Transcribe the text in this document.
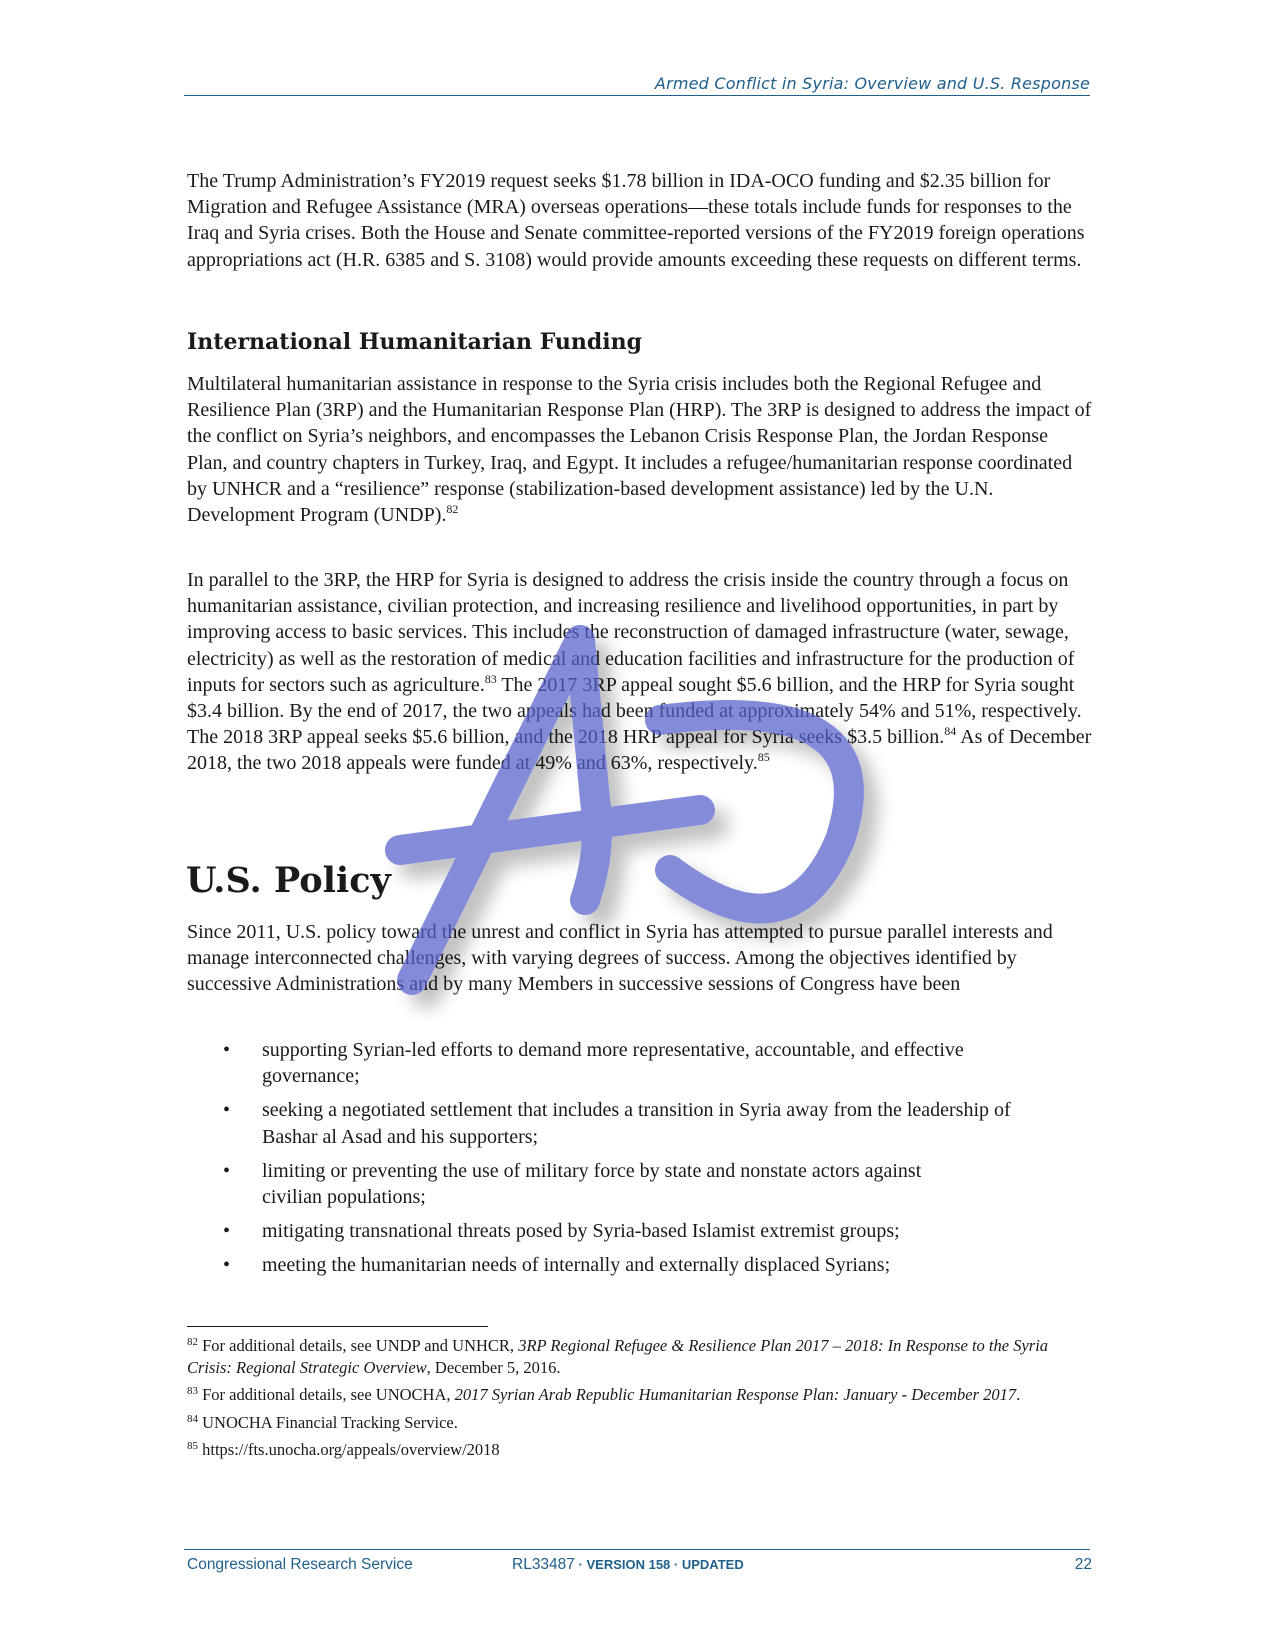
Armed Conflict in Syria: Overview and U.S. Response

The Trump Administration’s FY2019 request seeks $1.78 billion in IDA-OCO funding and $2.35 billion for Migration and Refugee Assistance (MRA) overseas operations—these totals include funds for responses to the Iraq and Syria crises. Both the House and Senate committee-reported versions of the FY2019 foreign operations appropriations act (H.R. 6385 and S. 3108) would provide amounts exceeding these requests on different terms.

International Humanitarian Funding

Multilateral humanitarian assistance in response to the Syria crisis includes both the Regional Refugee and Resilience Plan (3RP) and the Humanitarian Response Plan (HRP). The 3RP is designed to address the impact of the conflict on Syria’s neighbors, and encompasses the Lebanon Crisis Response Plan, the Jordan Response Plan, and country chapters in Turkey, Iraq, and Egypt. It includes a refugee/humanitarian response coordinated by UNHCR and a “resilience” response (stabilization-based development assistance) led by the U.N. Development Program (UNDP).$^{82}$

In parallel to the 3RP, the HRP for Syria is designed to address the crisis inside the country through a focus on humanitarian assistance, civilian protection, and increasing resilience and livelihood opportunities, in part by improving access to basic services. This includes the reconstruction of damaged infrastructure (water, sewage, electricity) as well as the restoration of medical and education facilities and infrastructure for the production of inputs for sectors such as agriculture.$^{83}$ The 2017 3RP appeal sought $5.6 billion, and the HRP for Syria sought $3.4 billion. By the end of 2017, the two appeals had been funded at approximately 54% and 51%, respectively. The 2018 3RP appeal seeks $5.6 billion, and the 2018 HRP appeal for Syria seeks $3.5 billion.$^{84}$ As of December 2018, the two 2018 appeals were funded at 49% and 63%, respectively.$^{85}$

U.S. Policy

Since 2011, U.S. policy toward the unrest and conflict in Syria has attempted to pursue parallel interests and manage interconnected challenges, with varying degrees of success. Among the objectives identified by successive Administrations and by many Members in successive sessions of Congress have been

• supporting Syrian-led efforts to demand more representative, accountable, and effective governance;
• seeking a negotiated settlement that includes a transition in Syria away from the leadership of Bashar al Asad and his supporters;
• limiting or preventing the use of military force by state and nonstate actors against civilian populations;
• mitigating transnational threats posed by Syria-based Islamist extremist groups;
• meeting the humanitarian needs of internally and externally displaced Syrians;

$^{82}$ For additional details, see UNDP and UNHCR, 3RP Regional Refugee & Resilience Plan 2017 – 2018: In Response to the Syria Crisis: Regional Strategic Overview, December 5, 2016.

$^{83}$ For additional details, see UNOCHA, 2017 Syrian Arab Republic Humanitarian Response Plan: January - December 2017.

$^{84}$ UNOCHA Financial Tracking Service.

$^{85}$ https://fts.unocha.org/appeals/overview/2018

Congressional Research Service	RL33487 · VERSION 158 · UPDATED	22
